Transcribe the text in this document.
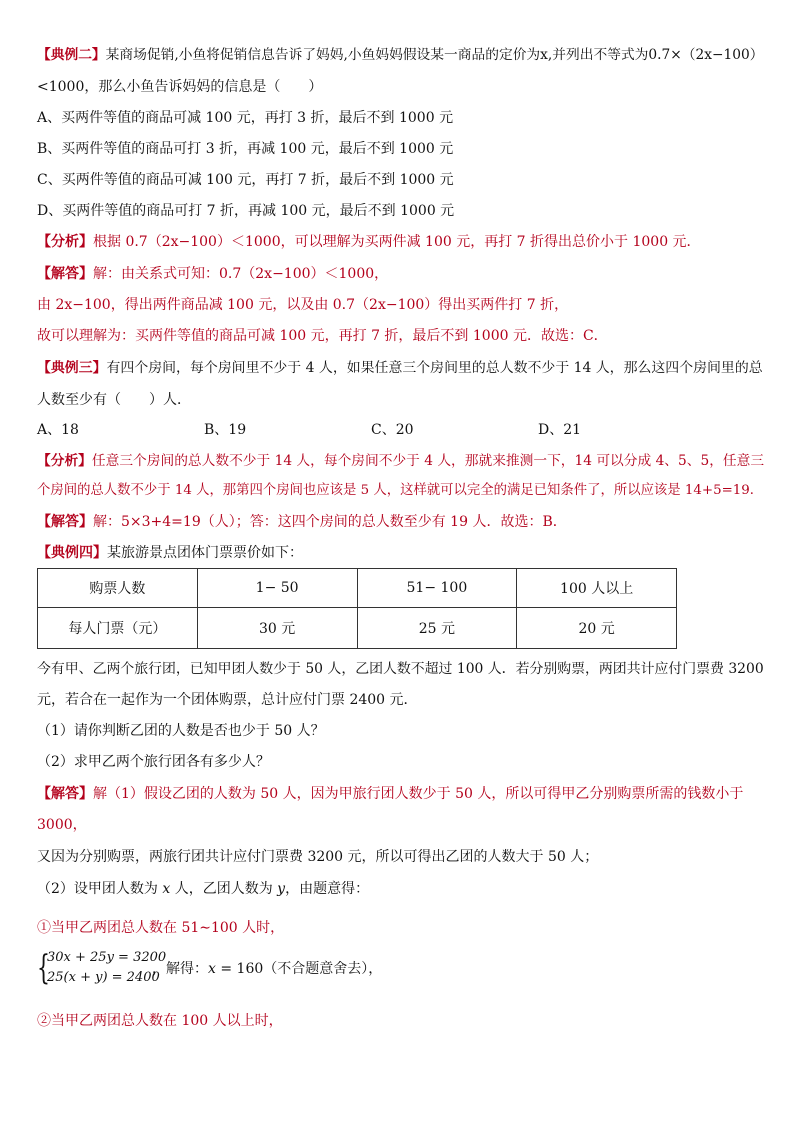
【典例二】某商场促销,小鱼将促销信息告诉了妈妈,小鱼妈妈假设某一商品的定价为x,并列出不等式为0.7×（2x−100）
<1000，那么小鱼告诉妈妈的信息是（　　）
A、买两件等值的商品可减 100 元，再打 3 折，最后不到 1000 元
B、买两件等值的商品可打 3 折，再减 100 元，最后不到 1000 元
C、买两件等值的商品可减 100 元，再打 7 折，最后不到 1000 元
D、买两件等值的商品可打 7 折，再减 100 元，最后不到 1000 元
【分析】根据 0.7（2x−100）＜1000，可以理解为买两件减 100 元，再打 7 折得出总价小于 1000 元．
【解答】解：由关系式可知：0.7（2x−100）＜1000，
由 2x−100，得出两件商品减 100 元，以及由 0.7（2x−100）得出买两件打 7 折，
故可以理解为：买两件等值的商品可减 100 元，再打 7 折，最后不到 1000 元．故选：C．
【典例三】有四个房间，每个房间里不少于 4 人，如果任意三个房间里的总人数不少于 14 人，那么这四个房间里的总
人数至少有（　　）人．
A、18	B、19	C、20	D、21
【分析】任意三个房间的总人数不少于 14 人，每个房间不少于 4 人，那就来推测一下，14 可以分成 4、5、5，任意三
个房间的总人数不少于 14 人，那第四个房间也应该是 5 人，这样就可以完全的满足已知条件了，所以应该是 14+5=19．
【解答】解：5×3+4=19（人）；答：这四个房间的总人数至少有 19 人．故选：B．
【典例四】某旅游景点团体门票票价如下：
购票人数	1− 50	51− 100	100 人以上
每人门票（元）	30 元	25 元	20 元
今有甲、乙两个旅行团，已知甲团人数少于 50 人，乙团人数不超过 100 人．若分别购票，两团共计应付门票费 3200
元，若合在一起作为一个团体购票，总计应付门票 2400 元．
（1）请你判断乙团的人数是否也少于 50 人？
（2）求甲乙两个旅行团各有多少人？
【解答】解（1）假设乙团的人数为 50 人，因为甲旅行团人数少于 50 人，所以可得甲乙分别购票所需的钱数小于
3000，
又因为分别购票，两旅行团共计应付门票费 3200 元，所以可得出乙团的人数大于 50 人；
（2）设甲团人数为 x 人，乙团人数为 y，由题意得：
①当甲乙两团总人数在 51∼100 人时，
{
30x + 25y = 3200
25(x + y) = 2400
，解得：x = 160（不合题意舍去），
②当甲乙两团总人数在 100 人以上时，
